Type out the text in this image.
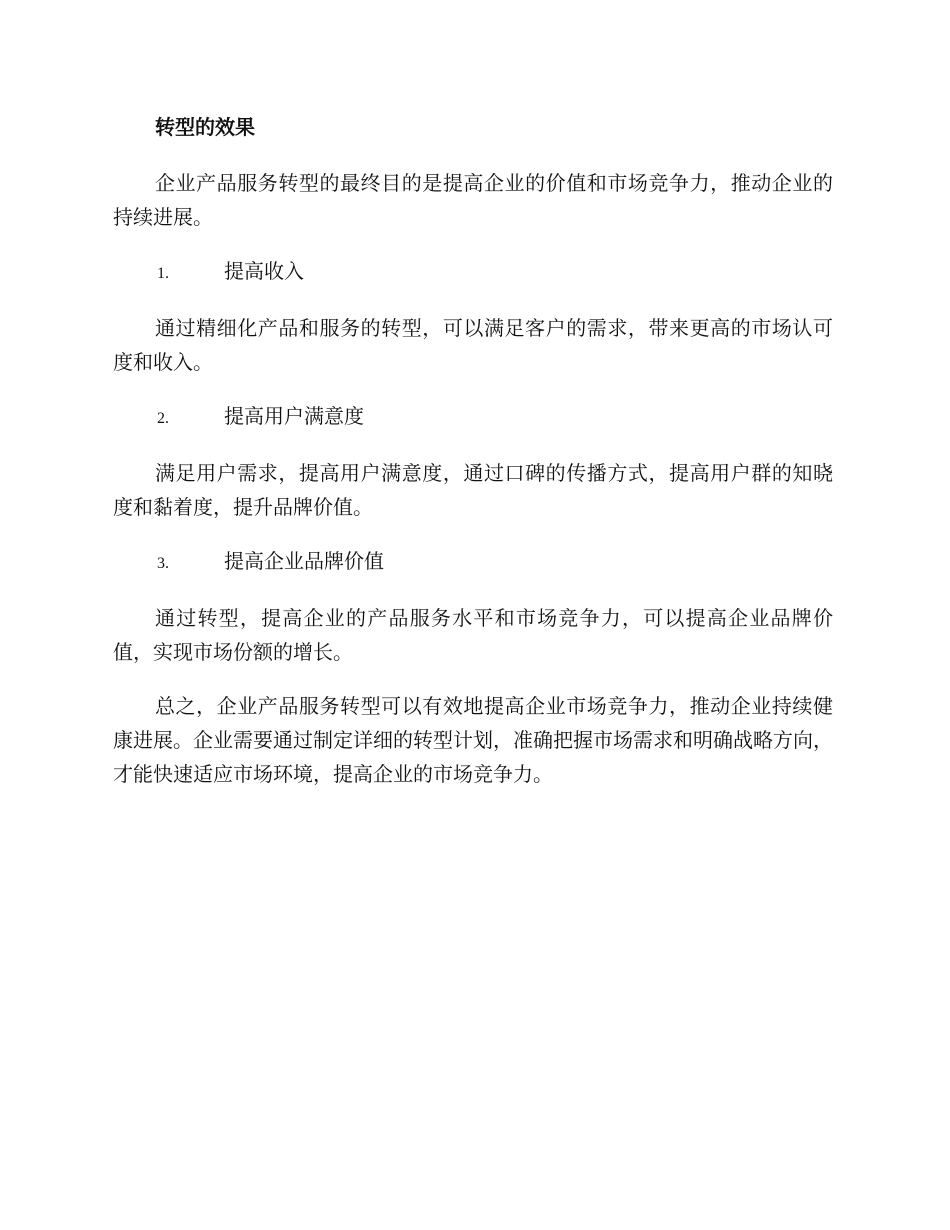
转型的效果

企业产品服务转型的最终目的是提高企业的价值和市场竞争力，推动企业的持续进展。

1.	提高收入

通过精细化产品和服务的转型，可以满足客户的需求，带来更高的市场认可度和收入。

2.	提高用户满意度

满足用户需求，提高用户满意度，通过口碑的传播方式，提高用户群的知晓度和黏着度，提升品牌价值。

3.	提高企业品牌价值

通过转型，提高企业的产品服务水平和市场竞争力，可以提高企业品牌价值，实现市场份额的增长。

总之，企业产品服务转型可以有效地提高企业市场竞争力，推动企业持续健康进展。企业需要通过制定详细的转型计划，准确把握市场需求和明确战略方向，才能快速适应市场环境，提高企业的市场竞争力。
